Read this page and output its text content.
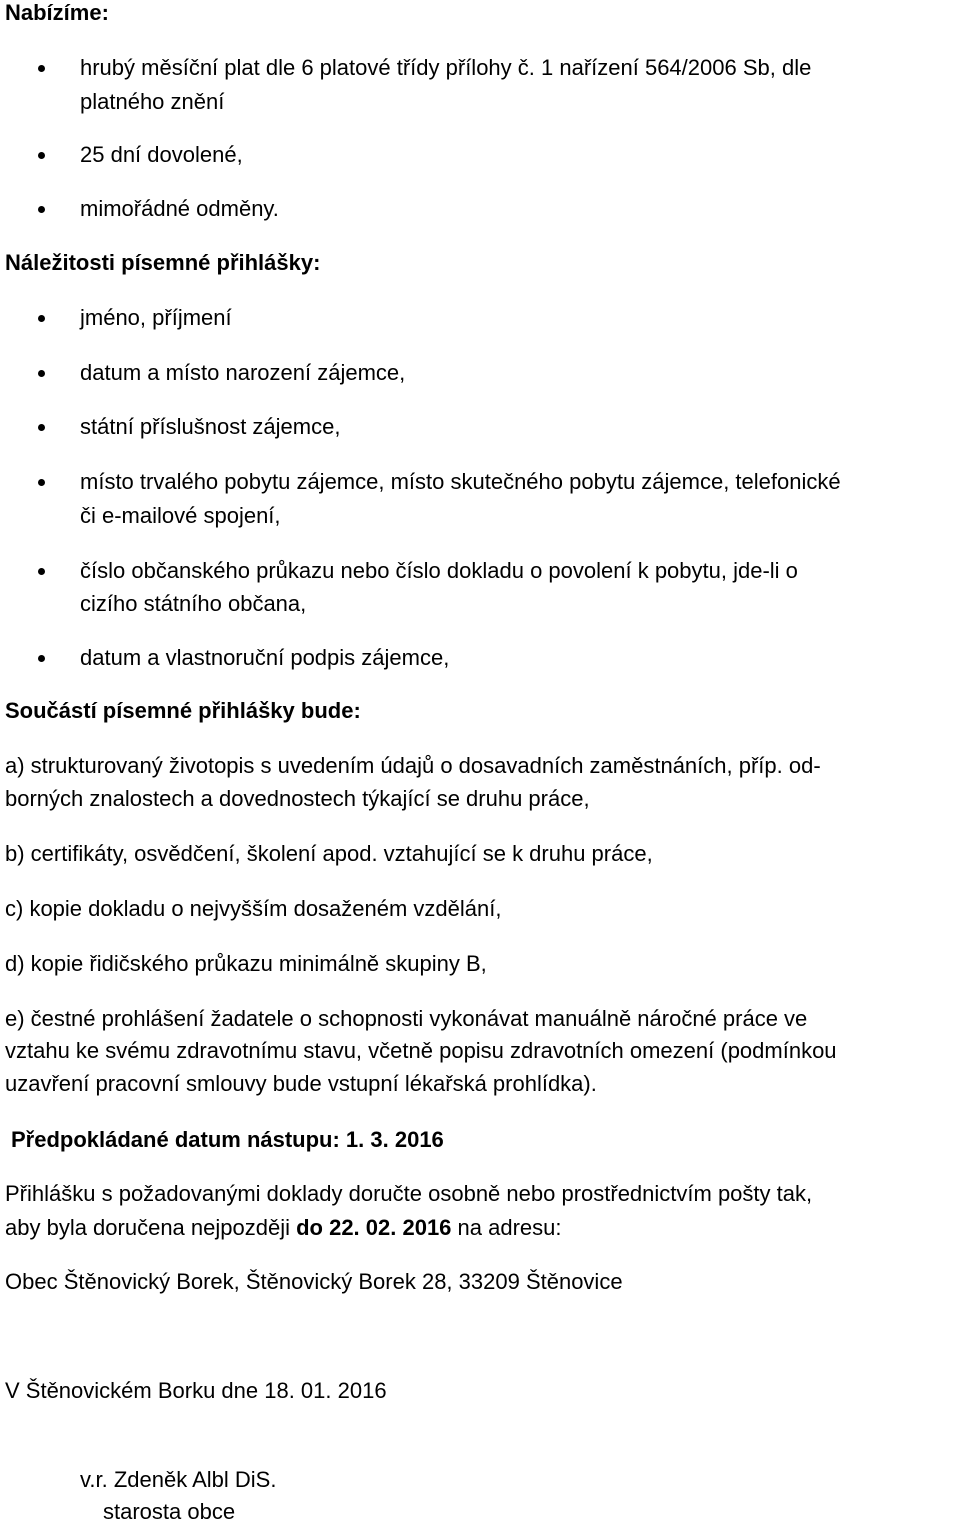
Nabízíme:
hrubý měsíční plat dle 6 platové třídy přílohy č. 1 nařízení 564/2006 Sb, dle
platného znění
25 dní dovolené,
mimořádné odměny.
Náležitosti písemné přihlášky:
jméno, příjmení
datum a místo narození zájemce,
státní příslušnost zájemce,
místo trvalého pobytu zájemce, místo skutečného pobytu zájemce, telefonické
či e-mailové spojení,
číslo občanského průkazu nebo číslo dokladu o povolení k pobytu, jde-li o
cizího státního občana,
datum a vlastnoruční podpis zájemce,
Součástí písemné přihlášky bude:
a) strukturovaný životopis s uvedením údajů o dosavadních zaměstnáních, příp. od-
borných znalostech a dovednostech týkající se druhu práce,
b) certifikáty, osvědčení, školení apod. vztahující se k druhu práce,
c) kopie dokladu o nejvyšším dosaženém vzdělání,
d) kopie řidičského průkazu minimálně skupiny B,
e) čestné prohlášení žadatele o schopnosti vykonávat manuálně náročné práce ve
vztahu ke svému zdravotnímu stavu, včetně popisu zdravotních omezení (podmínkou
uzavření pracovní smlouvy bude vstupní lékařská prohlídka).
Předpokládané datum nástupu: 1. 3. 2016
Přihlášku s požadovanými doklady doručte osobně nebo prostřednictvím pošty tak,
aby byla doručena nejpozději do 22. 02. 2016 na adresu:
Obec Štěnovický Borek, Štěnovický Borek 28, 33209 Štěnovice
V Štěnovickém Borku dne 18. 01. 2016
v.r. Zdeněk Albl DiS.
starosta obce
